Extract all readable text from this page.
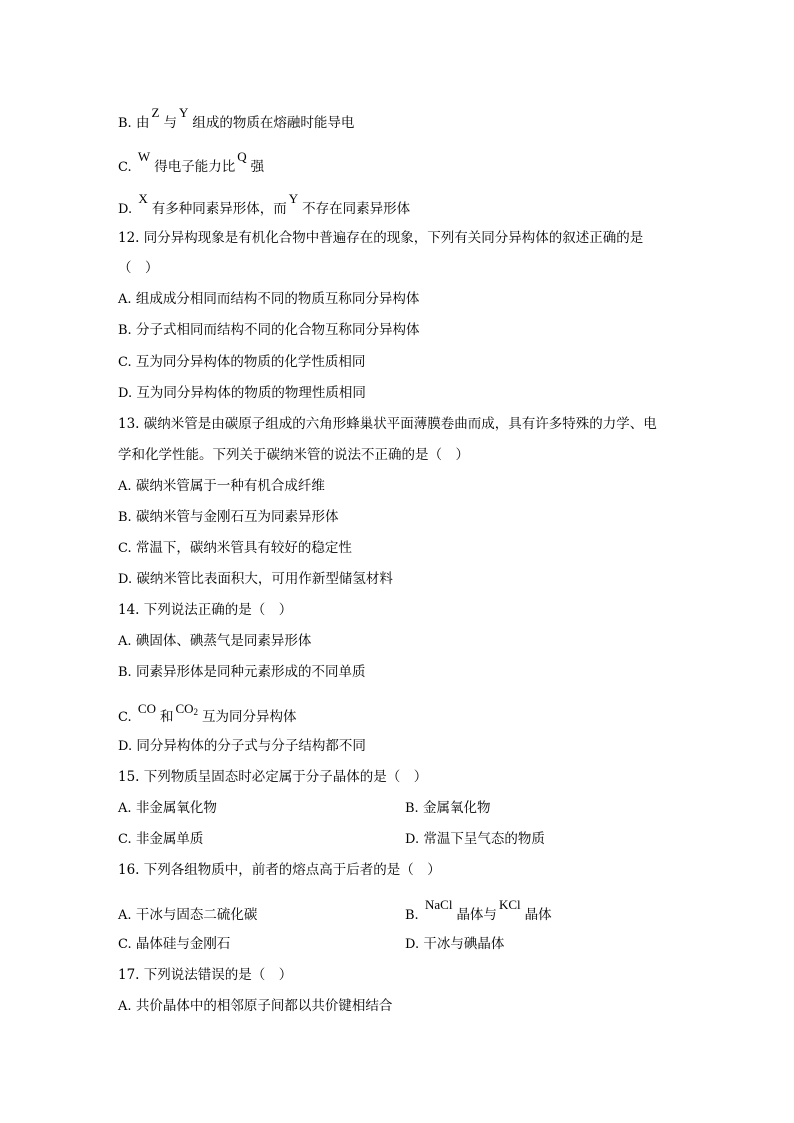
B. 由Z与Y组成的物质在熔融时能导电
C. W得电子能力比Q强
D. X有多种同素异形体，而Y不存在同素异形体
12. 同分异构现象是有机化合物中普遍存在的现象，下列有关同分异构体的叙述正确的是
（　）
A. 组成成分相同而结构不同的物质互称同分异构体
B. 分子式相同而结构不同的化合物互称同分异构体
C. 互为同分异构体的物质的化学性质相同
D. 互为同分异构体的物质的物理性质相同
13. 碳纳米管是由碳原子组成的六角形蜂巢状平面薄膜卷曲而成，具有许多特殊的力学、电
学和化学性能。下列关于碳纳米管的说法不正确的是（　）
A. 碳纳米管属于一种有机合成纤维
B. 碳纳米管与金刚石互为同素异形体
C. 常温下，碳纳米管具有较好的稳定性
D. 碳纳米管比表面积大，可用作新型储氢材料
14. 下列说法正确的是（　）
A. 碘固体、碘蒸气是同素异形体
B. 同素异形体是同种元素形成的不同单质
C. CO和$CO_2$ 互为同分异构体
D. 同分异构体的分子式与分子结构都不同
15. 下列物质呈固态时必定属于分子晶体的是（　）
A. 非金属氧化物	B. 金属氧化物
C. 非金属单质	D. 常温下呈气态的物质
16. 下列各组物质中，前者的熔点高于后者的是（　）
A. 干冰与固态二硫化碳	B. NaCl晶体与KCl晶体
C. 晶体硅与金刚石	D. 干冰与碘晶体
17. 下列说法错误的是（　）
A. 共价晶体中的相邻原子间都以共价键相结合
